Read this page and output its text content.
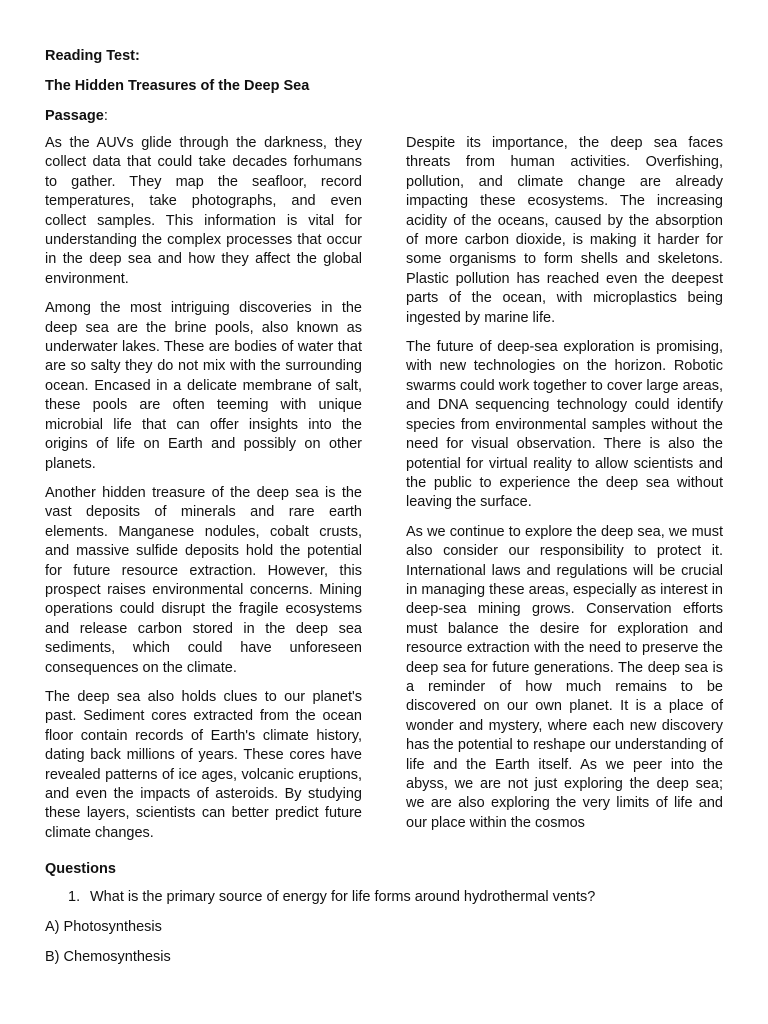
Reading Test:
The Hidden Treasures of the Deep Sea
Passage:

As the AUVs glide through the darkness, they collect data that could take decades forhumans to gather. They map the seafloor, record temperatures, take photographs, and even collect samples. This information is vital for understanding the complex processes that occur in the deep sea and how they affect the global environment.

Among the most intriguing discoveries in the deep sea are the brine pools, also known as underwater lakes. These are bodies of water that are so salty they do not mix with the surrounding ocean. Encased in a delicate membrane of salt, these pools are often teeming with unique microbial life that can offer insights into the origins of life on Earth and possibly on other planets.

Another hidden treasure of the deep sea is the vast deposits of minerals and rare earth elements. Manganese nodules, cobalt crusts, and massive sulfide deposits hold the potential for future resource extraction. However, this prospect raises environmental concerns. Mining operations could disrupt the fragile ecosystems and release carbon stored in the deep sea sediments, which could have unforeseen consequences on the climate.

The deep sea also holds clues to our planet's past. Sediment cores extracted from the ocean floor contain records of Earth's climate history, dating back millions of years. These cores have revealed patterns of ice ages, volcanic eruptions, and even the impacts of asteroids. By studying these layers, scientists can better predict future climate changes.

Despite its importance, the deep sea faces threats from human activities. Overfishing, pollution, and climate change are already impacting these ecosystems. The increasing acidity of the oceans, caused by the absorption of more carbon dioxide, is making it harder for some organisms to form shells and skeletons. Plastic pollution has reached even the deepest parts of the ocean, with microplastics being ingested by marine life.

The future of deep-sea exploration is promising, with new technologies on the horizon. Robotic swarms could work together to cover large areas, and DNA sequencing technology could identify species from environmental samples without the need for visual observation. There is also the potential for virtual reality to allow scientists and the public to experience the deep sea without leaving the surface.

As we continue to explore the deep sea, we must also consider our responsibility to protect it. International laws and regulations will be crucial in managing these areas, especially as interest in deep-sea mining grows. Conservation efforts must balance the desire for exploration and resource extraction with the need to preserve the deep sea for future generations. The deep sea is a reminder of how much remains to be discovered on our own planet. It is a place of wonder and mystery, where each new discovery has the potential to reshape our understanding of life and the Earth itself. As we peer into the abyss, we are not just exploring the deep sea; we are also exploring the very limits of life and our place within the cosmos

Questions
1. What is the primary source of energy for life forms around hydrothermal vents?
A) Photosynthesis
B) Chemosynthesis
